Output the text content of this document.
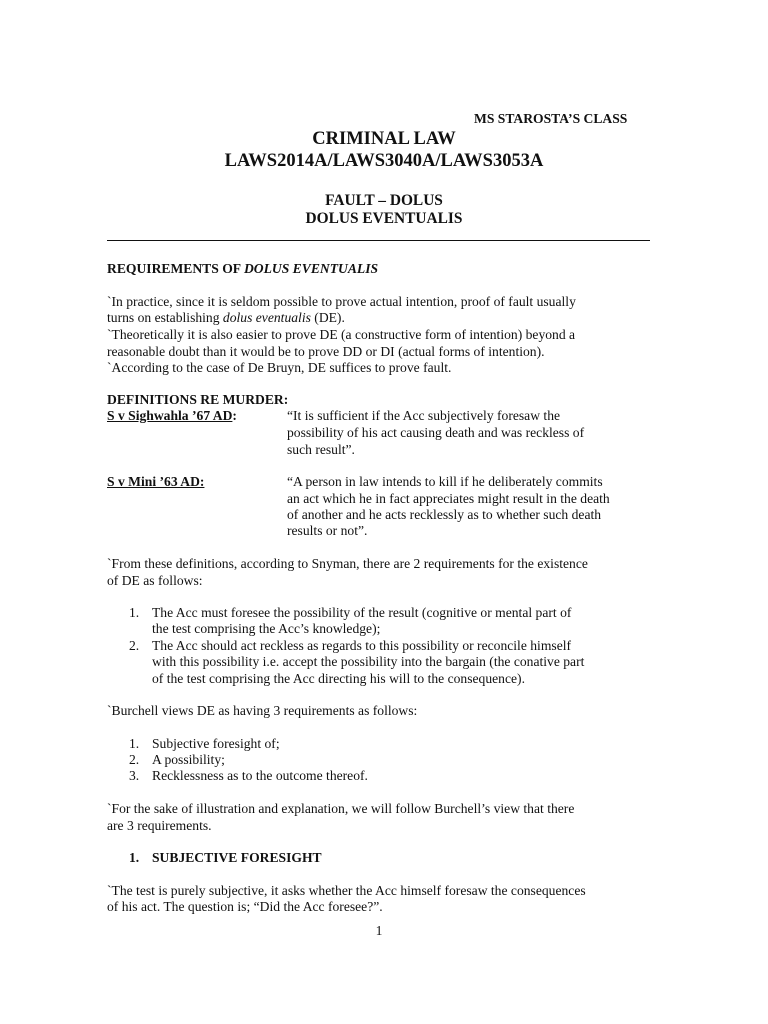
MS STAROSTA’S CLASS
CRIMINAL LAW
LAWS2014A/LAWS3040A/LAWS3053A
FAULT – DOLUS
DOLUS EVENTUALIS
REQUIREMENTS OF DOLUS EVENTUALIS
`In practice, since it is seldom possible to prove actual intention, proof of fault usually
turns on establishing dolus eventualis (DE).
`Theoretically it is also easier to prove DE (a constructive form of intention) beyond a
reasonable doubt than it would be to prove DD or DI (actual forms of intention).
`According to the case of De Bruyn, DE suffices to prove fault.
DEFINITIONS RE MURDER:
S v Sighwahla ’67 AD:	“It is sufficient if the Acc subjectively foresaw the
possibility of his act causing death and was reckless of
such result”.
S v Mini ’63 AD:	“A person in law intends to kill if he deliberately commits
an act which he in fact appreciates might result in the death
of another and he acts recklessly as to whether such death
results or not”.
`From these definitions, according to Snyman, there are 2 requirements for the existence
of DE as follows:
1. The Acc must foresee the possibility of the result (cognitive or mental part of
the test comprising the Acc’s knowledge);
2. The Acc should act reckless as regards to this possibility or reconcile himself
with this possibility i.e. accept the possibility into the bargain (the conative part
of the test comprising the Acc directing his will to the consequence).
`Burchell views DE as having 3 requirements as follows:
1. Subjective foresight of;
2. A possibility;
3. Recklessness as to the outcome thereof.
`For the sake of illustration and explanation, we will follow Burchell’s view that there
are 3 requirements.
1. SUBJECTIVE FORESIGHT
`The test is purely subjective, it asks whether the Acc himself foresaw the consequences
of his act. The question is; “Did the Acc foresee?”.
1
